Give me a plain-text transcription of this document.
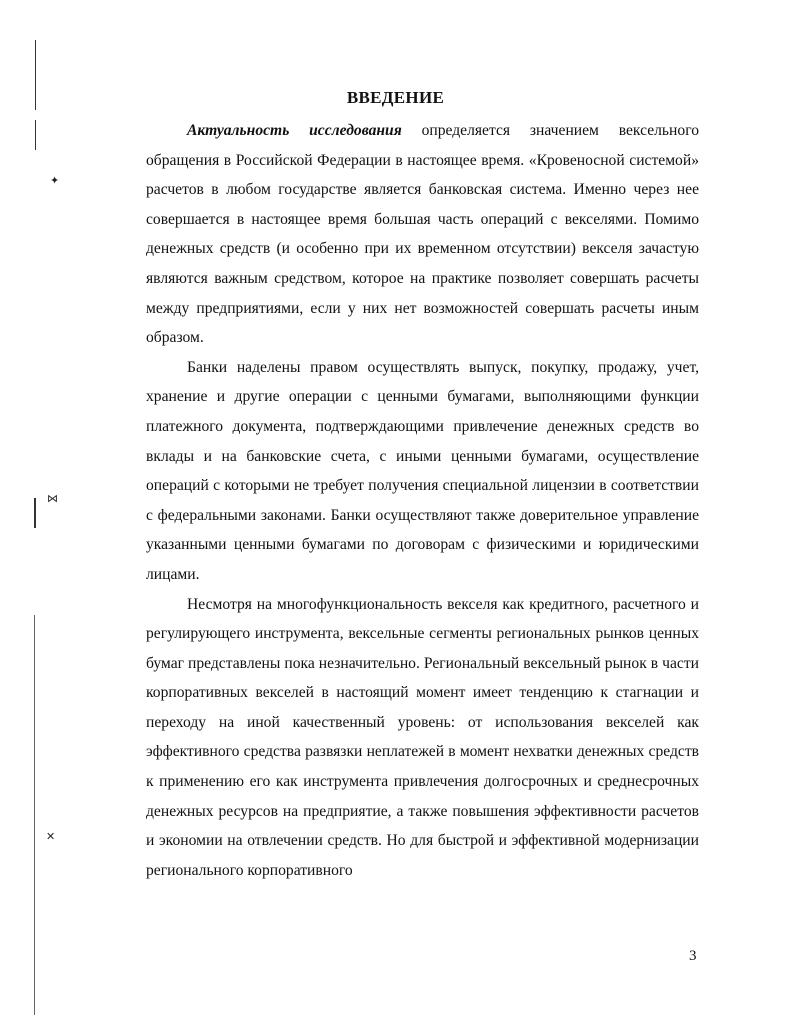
✦
⋈
✕
ВВЕДЕНИЕ

Актуальность исследования определяется значением вексельного обращения в Российской Федерации в настоящее время. «Кровеносной системой» расчетов в любом государстве является банковская система. Именно через нее совершается в настоящее время большая часть операций с векселями. Помимо денежных средств (и особенно при их временном отсутствии) векселя зачастую являются важным средством, которое на практике позволяет совершать расчеты между предприятиями, если у них нет возможностей совершать расчеты иным образом.

Банки наделены правом осуществлять выпуск, покупку, продажу, учет, хранение и другие операции с ценными бумагами, выполняющими функции платежного документа, подтверждающими привлечение денежных средств во вклады и на банковские счета, с иными ценными бумагами, осуществление операций с которыми не требует получения специальной лицензии в соответствии с федеральными законами. Банки осуществляют также доверительное управление указанными ценными бумагами по договорам с физическими и юридическими лицами.

Несмотря на многофункциональность векселя как кредитного, расчетного и регулирующего инструмента, вексельные сегменты региональных рынков ценных бумаг представлены пока незначительно. Региональный вексельный рынок в части корпоративных векселей в настоящий момент имеет тенденцию к стагнации и переходу на иной качественный уровень: от использования векселей как эффективного средства развязки неплатежей в момент нехватки денежных средств к применению его как инструмента привлечения долгосрочных и среднесрочных денежных ресурсов на предприятие, а также повышения эффективности расчетов и экономии на отвлечении средств. Но для быстрой и эффективной модернизации регионального корпоративного

3
